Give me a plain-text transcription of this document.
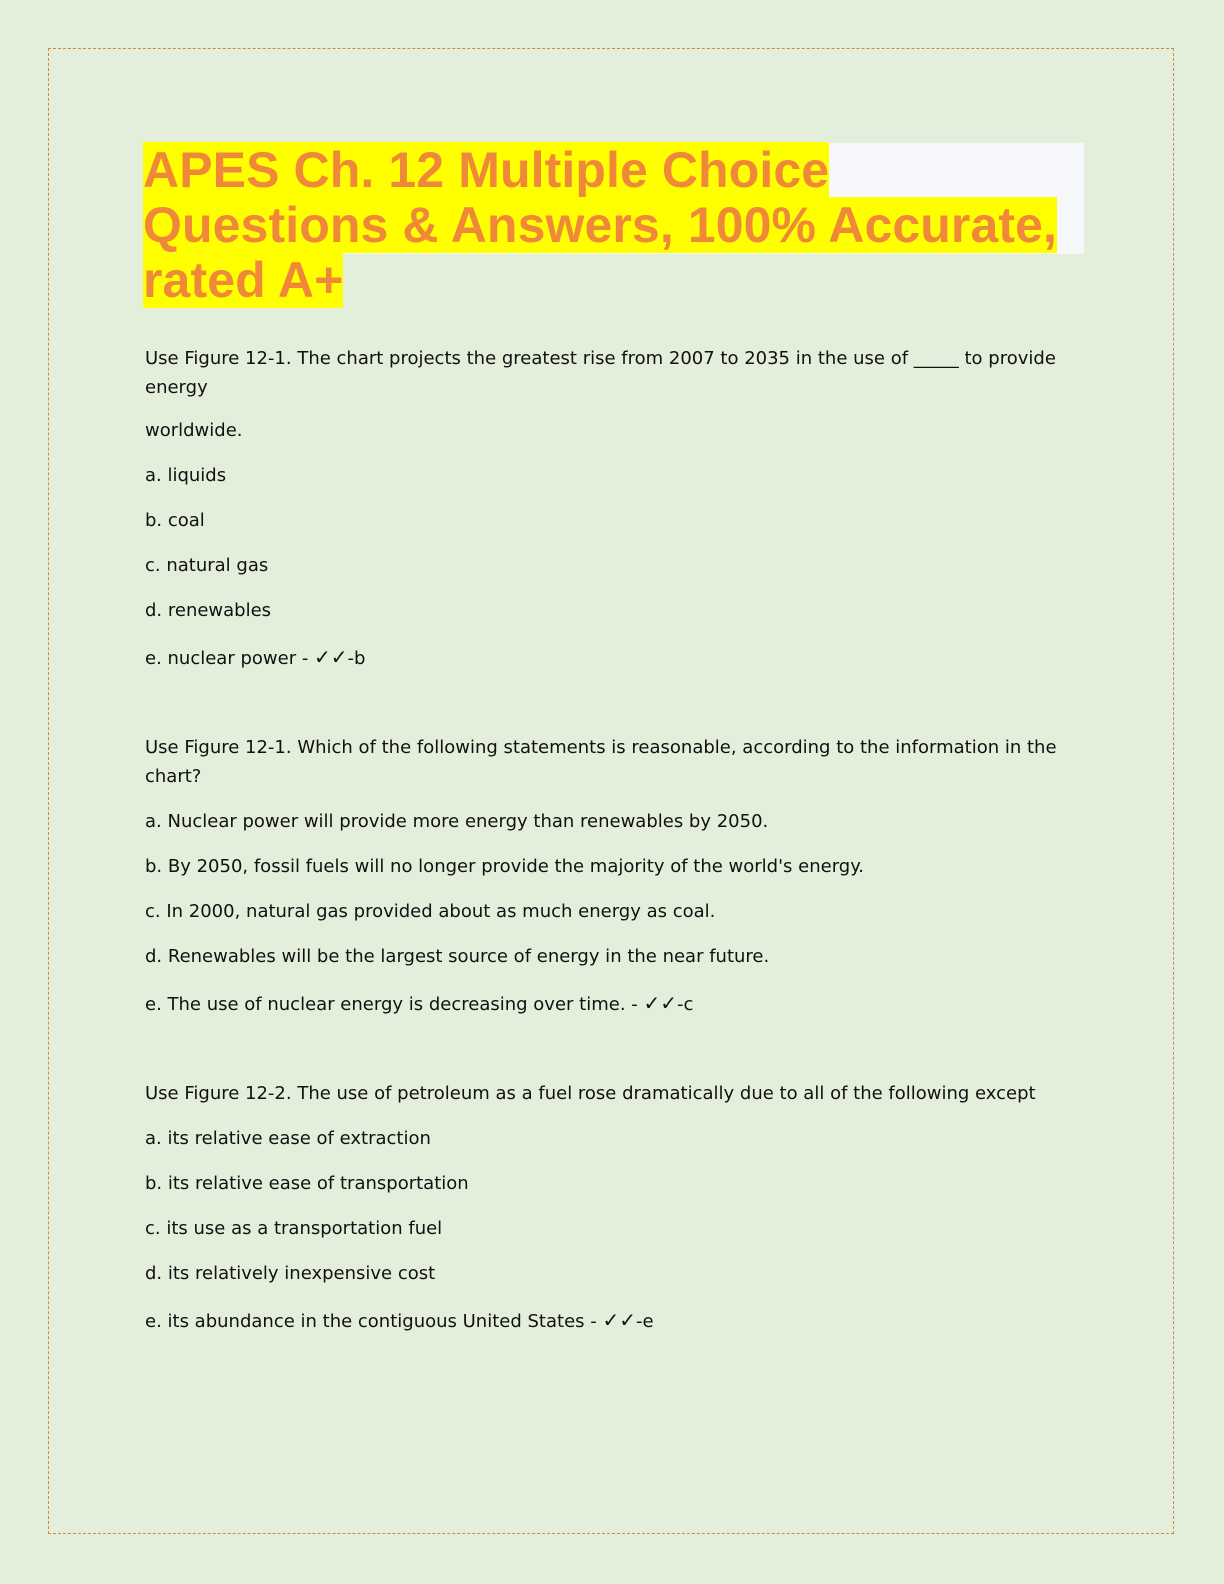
APES Ch. 12 Multiple Choice Questions & Answers, 100% Accurate, rated A+

Use Figure 12-1. The chart projects the greatest rise from 2007 to 2035 in the use of _____ to provide energy

worldwide.

a. liquids

b. coal

c. natural gas

d. renewables

e. nuclear power - ✓✓-b

Use Figure 12-1. Which of the following statements is reasonable, according to the information in the chart?

a. Nuclear power will provide more energy than renewables by 2050.

b. By 2050, fossil fuels will no longer provide the majority of the world's energy.

c. In 2000, natural gas provided about as much energy as coal.

d. Renewables will be the largest source of energy in the near future.

e. The use of nuclear energy is decreasing over time. - ✓✓-c

Use Figure 12-2. The use of petroleum as a fuel rose dramatically due to all of the following except

a. its relative ease of extraction

b. its relative ease of transportation

c. its use as a transportation fuel

d. its relatively inexpensive cost

e. its abundance in the contiguous United States - ✓✓-e
